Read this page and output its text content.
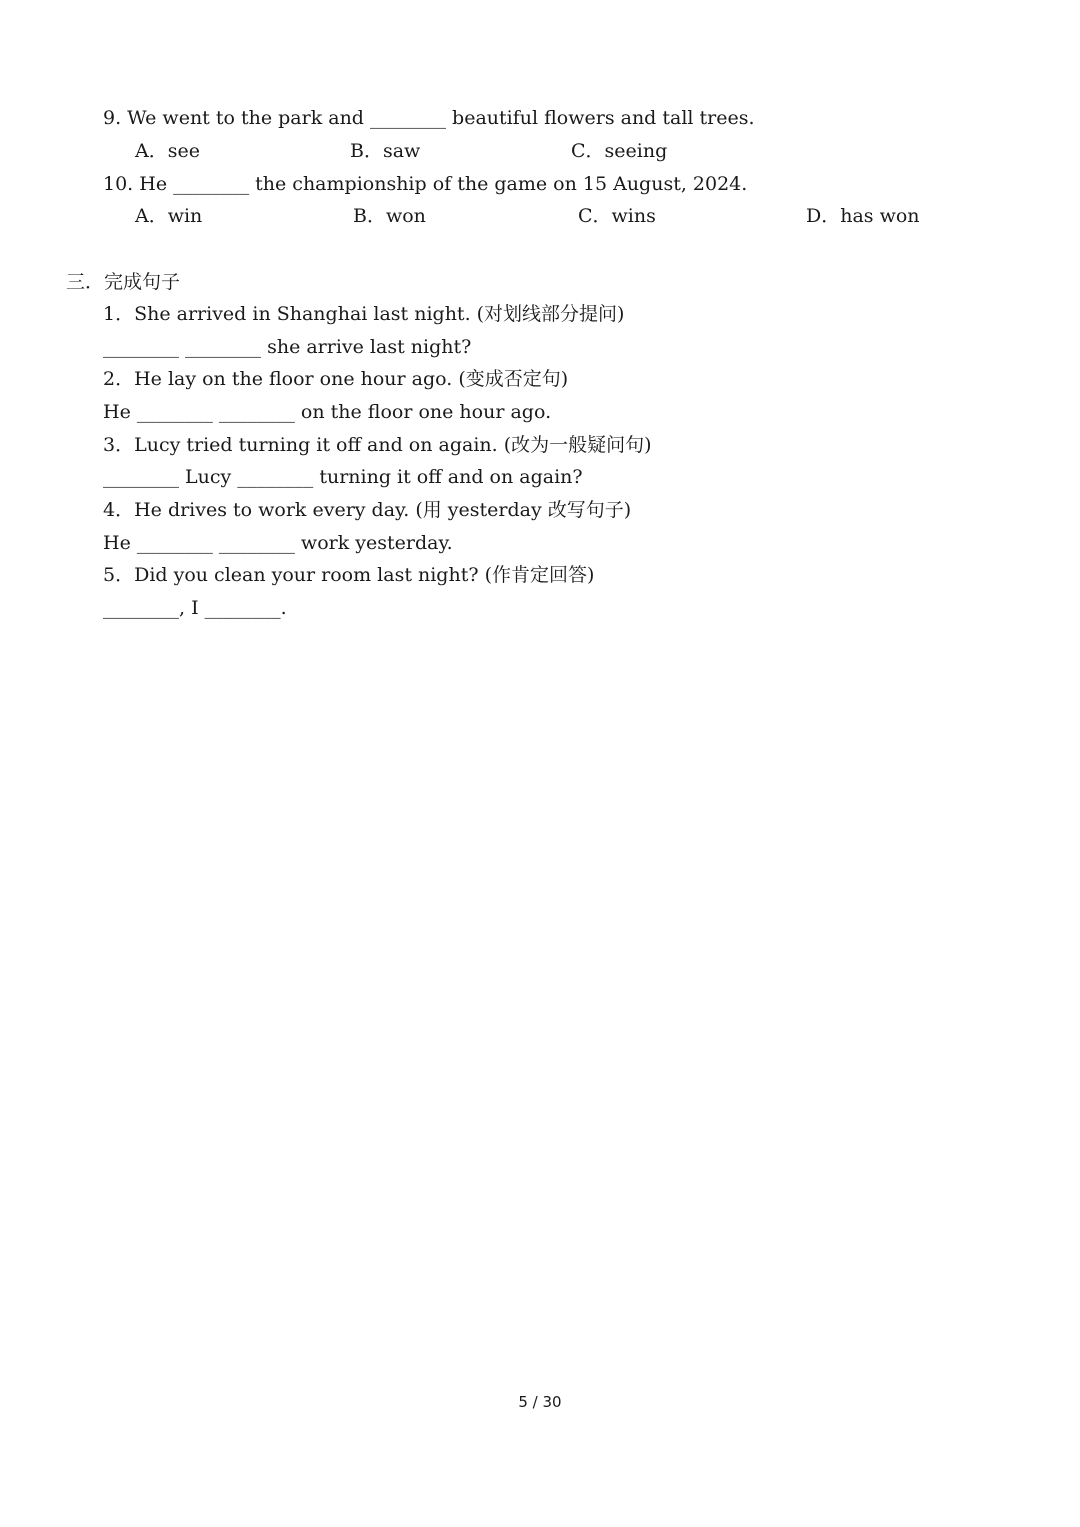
9. We went to the park and ________ beautiful flowers and tall trees.
A．see	B．saw	C．seeing
10. He ________ the championship of the game on 15 August, 2024.
A．win	B．won	C．wins	D．has won
三．完成句子
1．She arrived in Shanghai last night. (对划线部分提问)
________ ________ she arrive last night?
2．He lay on the floor one hour ago. (变成否定句)
He ________ ________ on the floor one hour ago.
3．Lucy tried turning it off and on again. (改为一般疑问句)
________ Lucy ________ turning it off and on again?
4．He drives to work every day. (用 yesterday 改写句子)
He ________ ________ work yesterday.
5．Did you clean your room last night? (作肯定回答)
________, I ________.
5 / 30
